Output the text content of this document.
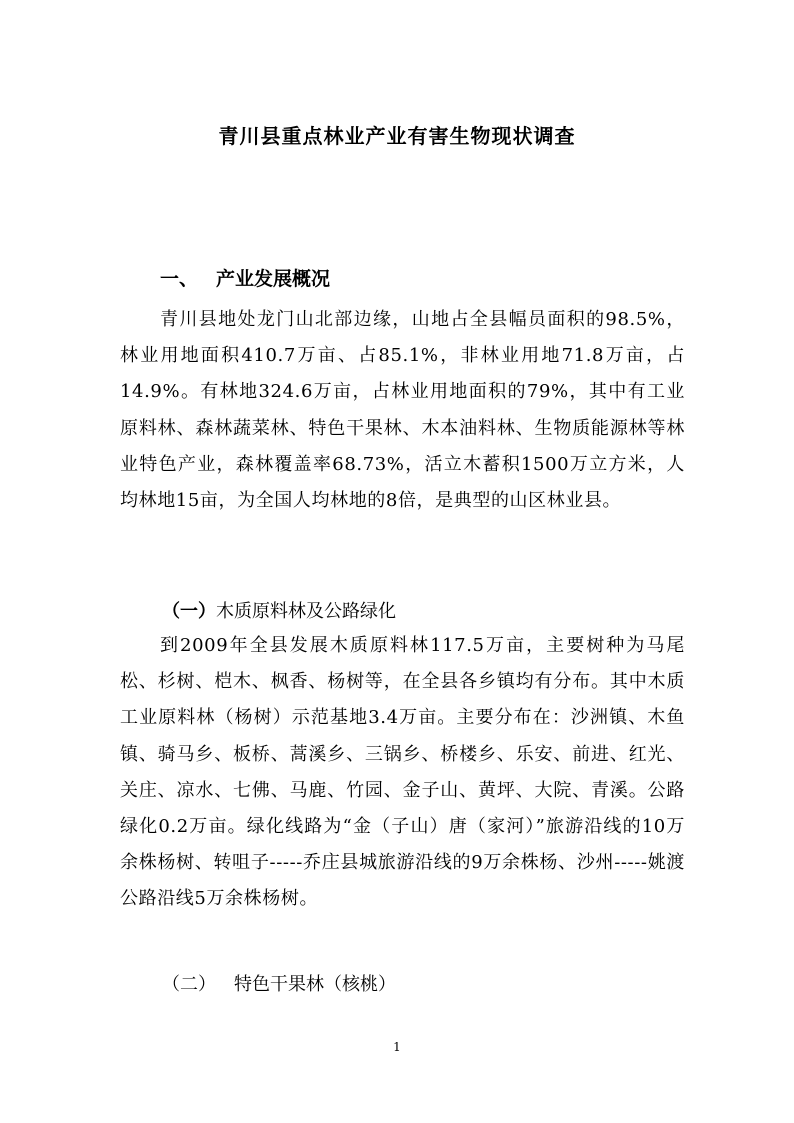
青川县重点林业产业有害生物现状调查
一、 产业发展概况

青川县地处龙门山北部边缘，山地占全县幅员面积的98.5%，林业用地面积410.7万亩、占85.1%，非林业用地71.8万亩，占14.9%。有林地324.6万亩，占林业用地面积的79%，其中有工业原料林、森林蔬菜林、特色干果林、木本油料林、生物质能源林等林业特色产业，森林覆盖率68.73%，活立木蓄积1500万立方米，人均林地15亩，为全国人均林地的8倍，是典型的山区林业县。

（一）木质原料林及公路绿化

到2009年全县发展木质原料林117.5万亩，主要树种为马尾松、杉树、桤木、枫香、杨树等，在全县各乡镇均有分布。其中木质工业原料林（杨树）示范基地3.4万亩。主要分布在：沙洲镇、木鱼镇、骑马乡、板桥、蒿溪乡、三锅乡、桥楼乡、乐安、前进、红光、关庄、凉水、七佛、马鹿、竹园、金子山、黄坪、大院、青溪。公路绿化0.2万亩。绿化线路为“金（子山）唐（家河）”旅游沿线的10万余株杨树、转咀子-----乔庄县城旅游沿线的9万余株杨、沙州-----姚渡公路沿线5万余株杨树。

（二） 特色干果林（核桃）
1
